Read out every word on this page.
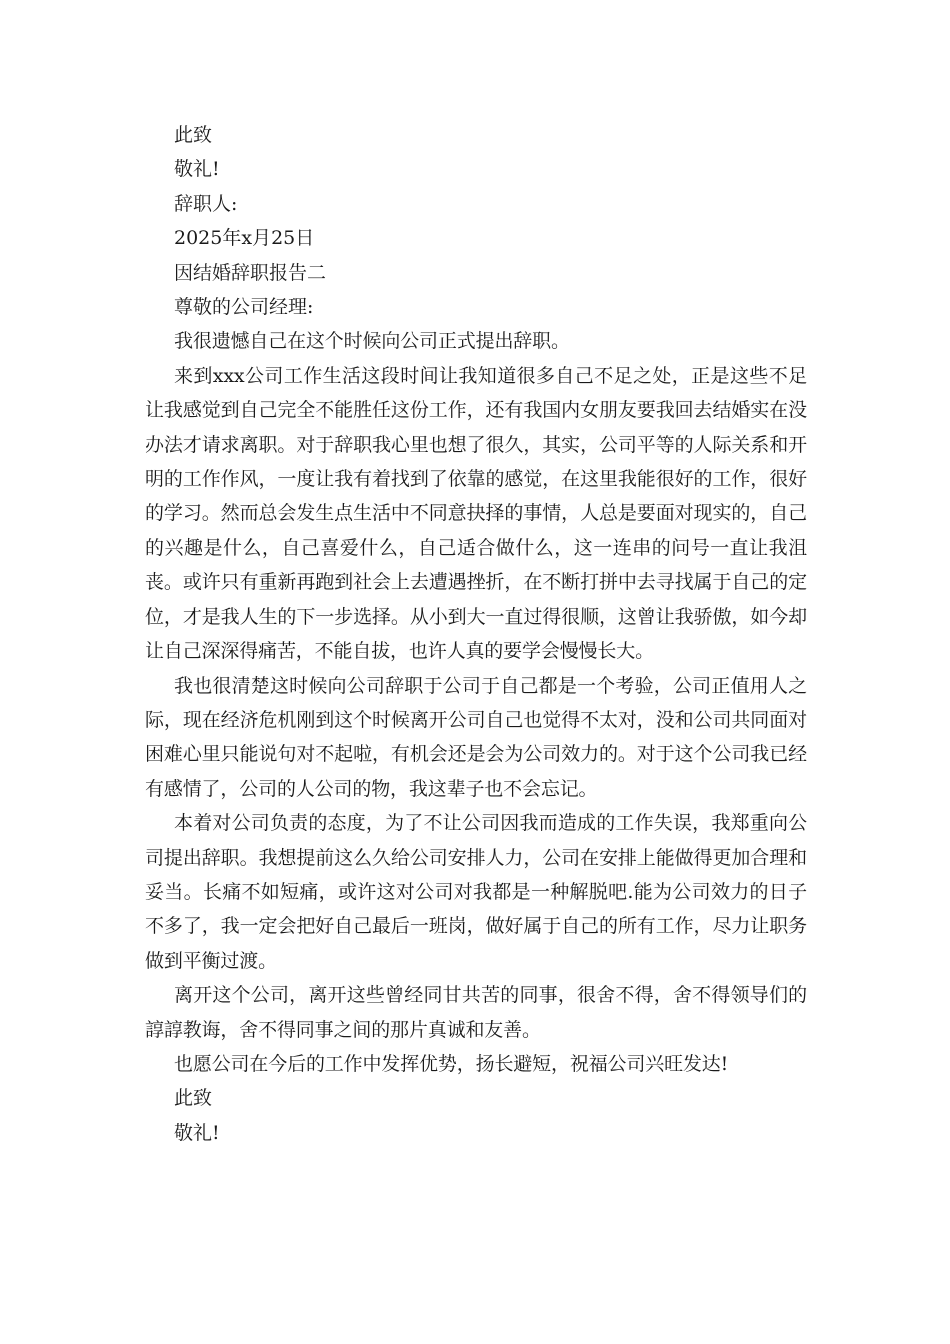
此致

敬礼!

辞职人:

2025年x月25日

因结婚辞职报告二

尊敬的公司经理:

我很遗憾自己在这个时候向公司正式提出辞职。

来到xxx公司工作生活这段时间让我知道很多自己不足之处，正是这些不足让我感觉到自己完全不能胜任这份工作，还有我国内女朋友要我回去结婚实在没办法才请求离职。对于辞职我心里也想了很久，其实，公司平等的人际关系和开明的工作作风，一度让我有着找到了依靠的感觉，在这里我能很好的工作，很好的学习。然而总会发生点生活中不同意抉择的事情，人总是要面对现实的，自己的兴趣是什么，自己喜爱什么，自己适合做什么，这一连串的问号一直让我沮丧。或许只有重新再跑到社会上去遭遇挫折，在不断打拼中去寻找属于自己的定位，才是我人生的下一步选择。从小到大一直过得很顺，这曾让我骄傲，如今却让自己深深得痛苦，不能自拔，也许人真的要学会慢慢长大。

我也很清楚这时候向公司辞职于公司于自己都是一个考验，公司正值用人之际，现在经济危机刚到这个时候离开公司自己也觉得不太对，没和公司共同面对困难心里只能说句对不起啦，有机会还是会为公司效力的。对于这个公司我已经有感情了，公司的人公司的物，我这辈子也不会忘记。

本着对公司负责的态度，为了不让公司因我而造成的工作失误，我郑重向公司提出辞职。我想提前这么久给公司安排人力，公司在安排上能做得更加合理和妥当。长痛不如短痛，或许这对公司对我都是一种解脱吧.能为公司效力的日子不多了，我一定会把好自己最后一班岗，做好属于自己的所有工作，尽力让职务做到平衡过渡。

离开这个公司，离开这些曾经同甘共苦的同事，很舍不得，舍不得领导们的諄諄教诲，舍不得同事之间的那片真诚和友善。

也愿公司在今后的工作中发挥优势，扬长避短，祝福公司兴旺发达!

此致

敬礼!
